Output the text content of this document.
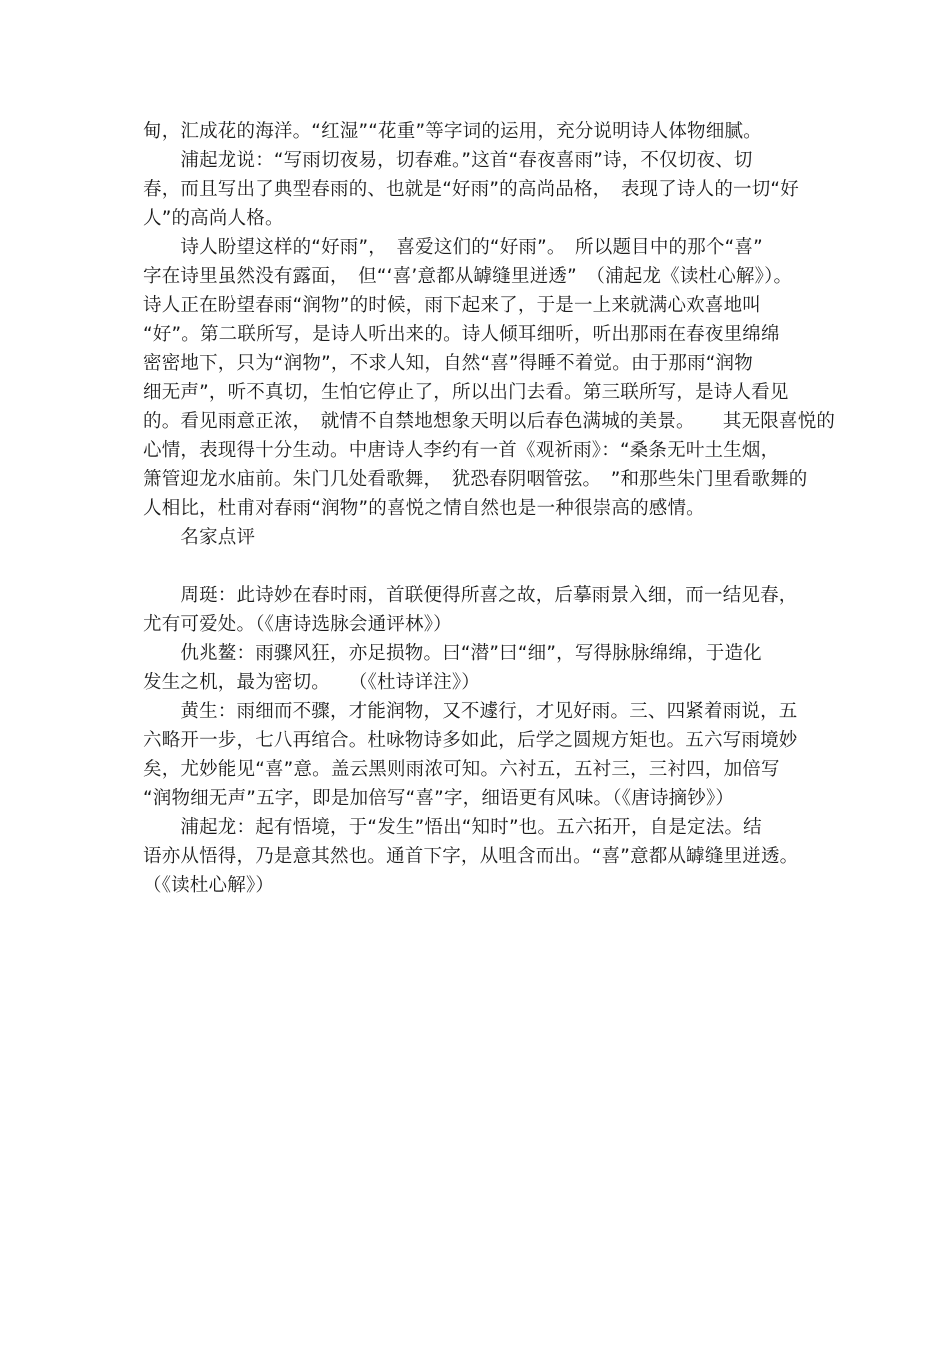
甸，汇成花的海洋。“红湿”“花重”等字词的运用，充分说明诗人体物细腻。
　　浦起龙说：“写雨切夜易，切春难。”这首“春夜喜雨”诗，不仅切夜、切
春，而且写出了典型春雨的、也就是“好雨”的高尚品格，　表现了诗人的一切“好
人”的高尚人格。
　　诗人盼望这样的“好雨”，　喜爱这们的“好雨”。　所以题目中的那个“喜”
字在诗里虽然没有露面，　但“‘喜’意都从罅缝里迸透”　（浦起龙《读杜心解》）。
诗人正在盼望春雨“润物”的时候，雨下起来了，于是一上来就满心欢喜地叫
“好”。第二联所写，是诗人听出来的。诗人倾耳细听，听出那雨在春夜里绵绵
密密地下，只为“润物”，不求人知，自然“喜”得睡不着觉。由于那雨“润物
细无声”，听不真切，生怕它停止了，所以出门去看。第三联所写，是诗人看见
的。看见雨意正浓，　就情不自禁地想象天明以后春色满城的美景。　　其无限喜悦的
心情，表现得十分生动。中唐诗人李约有一首《观祈雨》：“桑条无叶土生烟，
箫管迎龙水庙前。朱门几处看歌舞，　犹恐春阴咽管弦。　”和那些朱门里看歌舞的
人相比，杜甫对春雨“润物”的喜悦之情自然也是一种很崇高的感情。
　　名家点评
　　周珽：此诗妙在春时雨，首联便得所喜之故，后摹雨景入细，而一结见春，
尤有可爱处。（《唐诗选脉会通评林》）
　　仇兆鳌：雨骤风狂，亦足损物。曰“潜”曰“细”，写得脉脉绵绵，于造化
发生之机，最为密切。　　（《杜诗详注》）
　　黄生：雨细而不骤，才能润物，又不遽行，才见好雨。三、四紧着雨说，五
六略开一步，七八再绾合。杜咏物诗多如此，后学之圆规方矩也。五六写雨境妙
矣，尤妙能见“喜”意。盖云黑则雨浓可知。六衬五，五衬三，三衬四，加倍写
“润物细无声”五字，即是加倍写“喜”字，细语更有风味。（《唐诗摘钞》）
　　浦起龙：起有悟境，于“发生”悟出“知时”也。五六拓开，自是定法。结
语亦从悟得，乃是意其然也。通首下字，从咀含而出。“喜”意都从罅缝里迸透。
（《读杜心解》）
